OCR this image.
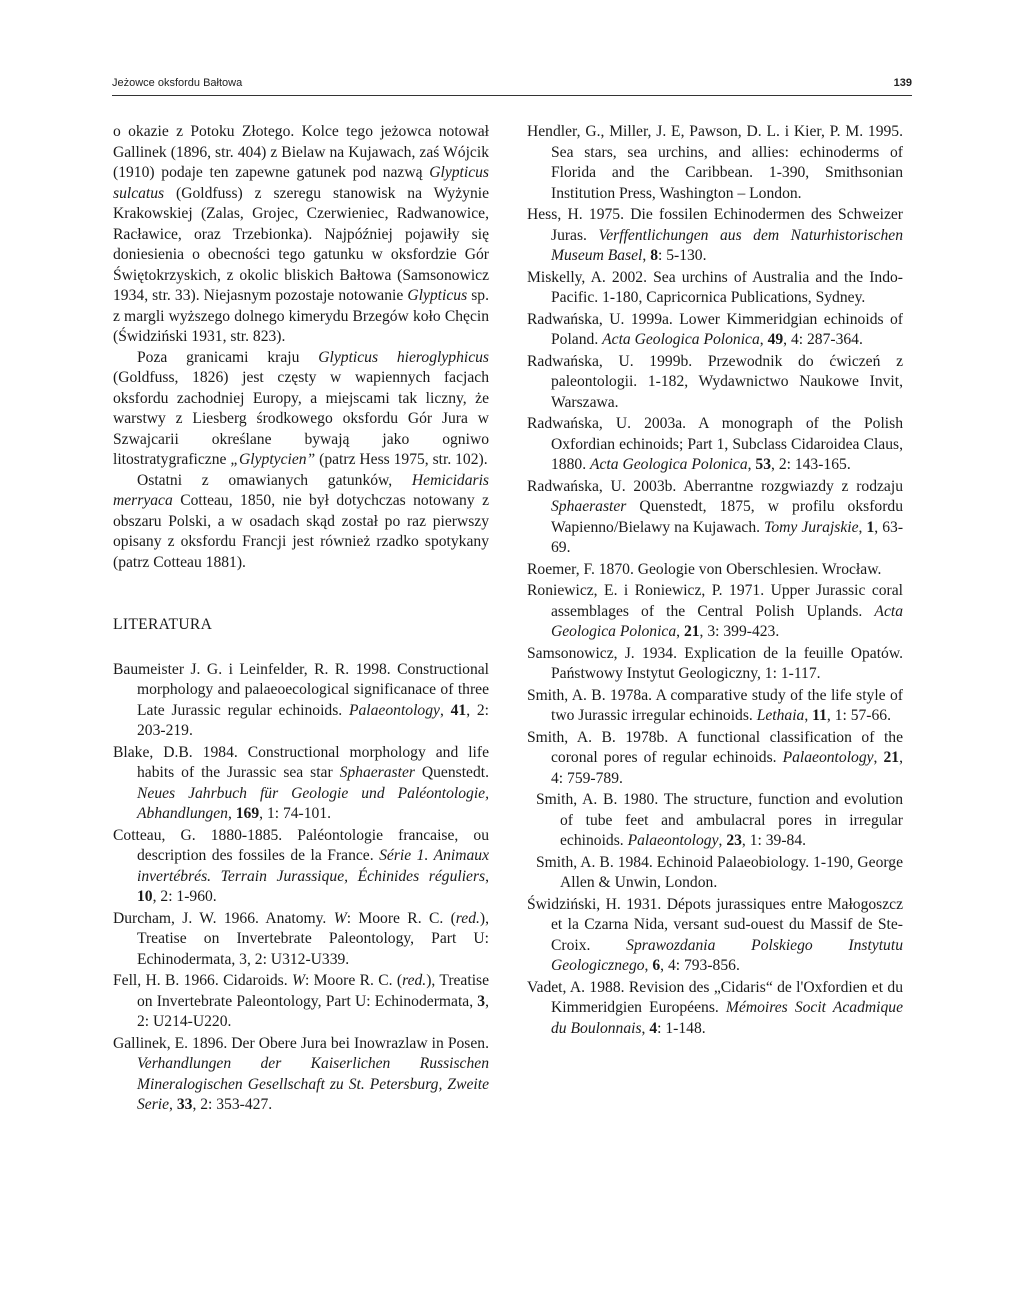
Jeżowce oksfordu Bałtowa	139

o okazie z Potoku Złotego. Kolce tego jeżowca notował Gallinek (1896, str. 404) z Bielaw na Kujawach, zaś Wójcik (1910) podaje ten zapewne gatunek pod nazwą Glypticus sulcatus (Goldfuss) z szeregu stanowisk na Wyżynie Krakowskiej (Zalas, Grojec, Czerwieniec, Radwanowice, Racławice, oraz Trzebionka). Najpóźniej pojawiły się doniesienia o obecności tego gatunku w oksfordzie Gór Świętokrzyskich, z okolic bliskich Bałtowa (Samsonowicz 1934, str. 33). Niejasnym pozostaje notowanie Glypticus sp. z margli wyższego dolnego kimerydu Brzegów koło Chęcin (Świdziński 1931, str. 823).

Poza granicami kraju Glypticus hieroglyphicus (Goldfuss, 1826) jest częsty w wapiennych facjach oksfordu zachodniej Europy, a miejscami tak liczny, że warstwy z Liesberg środkowego oksfordu Gór Jura w Szwajcarii określane bywają jako ogniwo litostratygraficzne „Glyptycien” (patrz Hess 1975, str. 102).

Ostatni z omawianych gatunków, Hemicidaris merryaca Cotteau, 1850, nie był dotychczas notowany z obszaru Polski, a w osadach skąd został po raz pierwszy opisany z oksfordu Francji jest również rzadko spotykany (patrz Cotteau 1881).

LITERATURA
Baumeister J. G. i Leinfelder, R. R. 1998. Constructional morphology and palaeoecological significanace of three Late Jurassic regular echinoids. Palaeontology, 41, 2: 203-219.
Blake, D.B. 1984. Constructional morphology and life habits of the Jurassic sea star Sphaeraster Quenstedt. Neues Jahrbuch für Geologie und Paléontologie, Abhandlungen, 169, 1: 74-101.
Cotteau, G. 1880-1885. Paléontologie francaise, ou description des fossiles de la France. Série 1. Animaux invertébrés. Terrain Jurassique, Échinides réguliers, 10, 2: 1-960.
Durcham, J. W. 1966. Anatomy. W: Moore R. C. (red.), Treatise on Invertebrate Paleontology, Part U: Echinodermata, 3, 2: U312-U339.
Fell, H. B. 1966. Cidaroids. W: Moore R. C. (red.), Treatise on Invertebrate Paleontology, Part U: Echinodermata, 3, 2: U214-U220.
Gallinek, E. 1896. Der Obere Jura bei Inowrazlaw in Posen. Verhandlungen der Kaiserlichen Russischen Mineralogischen Gesellschaft zu St. Petersburg, Zweite Serie, 33, 2: 353-427.
Hendler, G., Miller, J. E, Pawson, D. L. i Kier, P. M. 1995. Sea stars, sea urchins, and allies: echinoderms of Florida and the Caribbean. 1-390, Smithsonian Institution Press, Washington – London.
Hess, H. 1975. Die fossilen Echinodermen des Schweizer Juras. Verffentlichungen aus dem Naturhistorischen Museum Basel, 8: 5-130.
Miskelly, A. 2002. Sea urchins of Australia and the Indo-Pacific. 1-180, Capricornica Publications, Sydney.
Radwańska, U. 1999a. Lower Kimmeridgian echinoids of Poland. Acta Geologica Polonica, 49, 4: 287-364.
Radwańska, U. 1999b. Przewodnik do ćwiczeń z paleontologii. 1-182, Wydawnictwo Naukowe Invit, Warszawa.
Radwańska, U. 2003a. A monograph of the Polish Oxfordian echinoids; Part 1, Subclass Cidaroidea Claus, 1880. Acta Geologica Polonica, 53, 2: 143-165.
Radwańska, U. 2003b. Aberrantne rozgwiazdy z rodzaju Sphaeraster Quenstedt, 1875, w profilu oksfordu Wapienno/Bielawy na Kujawach. Tomy Jurajskie, 1, 63-69.
Roemer, F. 1870. Geologie von Oberschlesien. Wrocław.
Roniewicz, E. i Roniewicz, P. 1971. Upper Jurassic coral assemblages of the Central Polish Uplands. Acta Geologica Polonica, 21, 3: 399-423.
Samsonowicz, J. 1934. Explication de la feuille Opatów. Państwowy Instytut Geologiczny, 1: 1-117.
Smith, A. B. 1978a. A comparative study of the life style of two Jurassic irregular echinoids. Lethaia, 11, 1: 57-66.
Smith, A. B. 1978b. A functional classification of the coronal pores of regular echinoids. Palaeontology, 21, 4: 759-789.
Smith, A. B. 1980. The structure, function and evolution of tube feet and ambulacral pores in irregular echinoids. Palaeontology, 23, 1: 39-84.
Smith, A. B. 1984. Echinoid Palaeobiology. 1-190, George Allen & Unwin, London.
Świdziński, H. 1931. Dépots jurassiques entre Małogoszcz et la Czarna Nida, versant sud-ouest du Massif de Ste-Croix. Sprawozdania Polskiego Instytutu Geologicznego, 6, 4: 793-856.
Vadet, A. 1988. Revision des „Cidaris“ de l'Oxfordien et du Kimmeridgien Européens. Mémoires Socit Acadmique du Boulonnais, 4: 1-148.
